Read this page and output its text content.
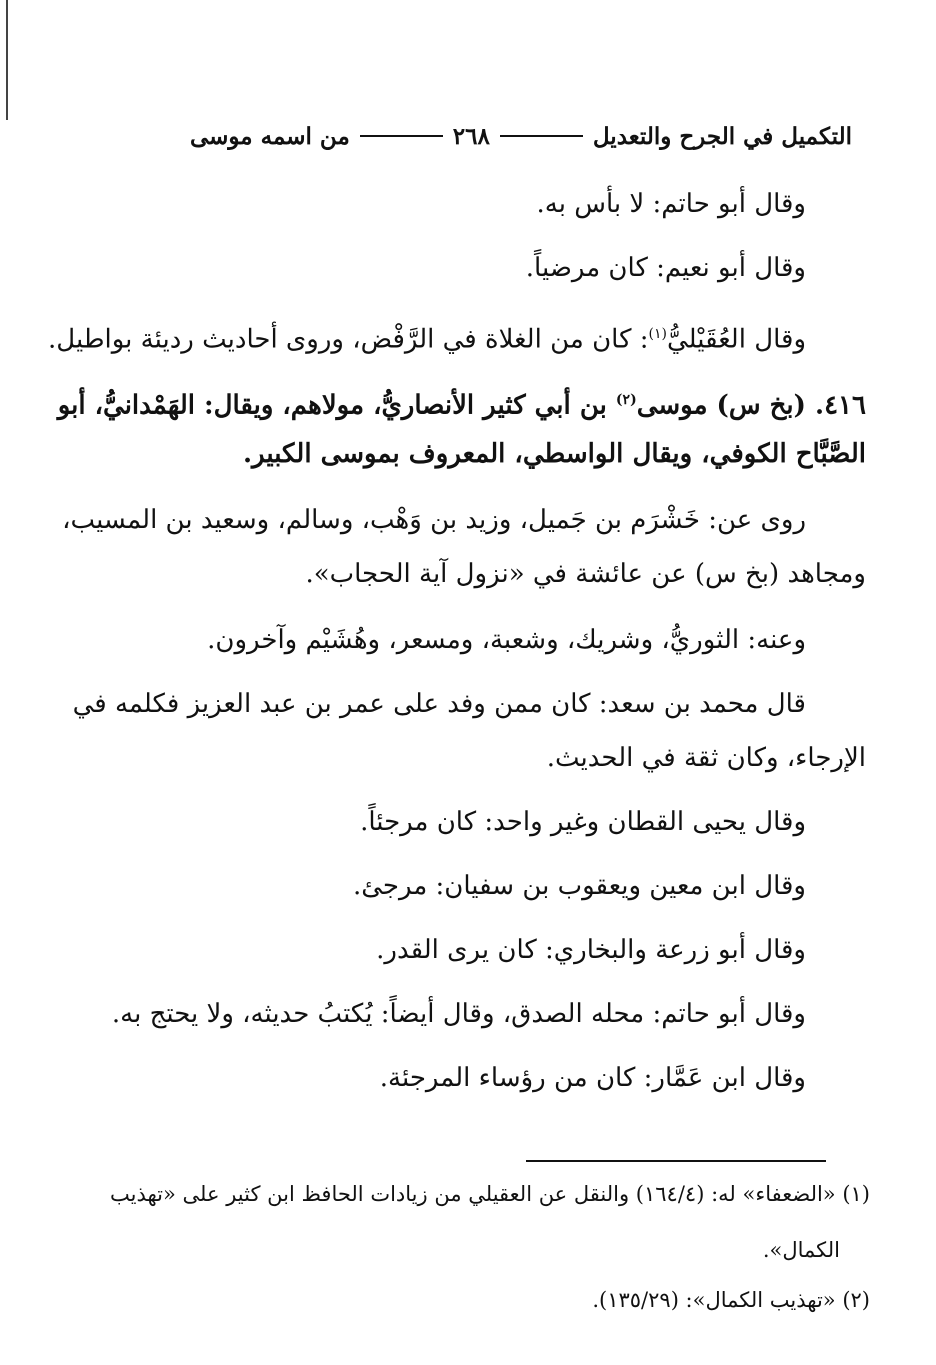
التكميل في الجرح والتعديل
٢٦٨
من اسمه موسى
وقال أبو حاتم: لا بأس به.
وقال أبو نعيم: كان مرضياً.
وقال العُقَيْليُّ$^{(١)}$: كان من الغلاة في الرَّفْض، وروى أحاديث رديئة بواطيل.
٤١٦. (بخ س) موسى$^{(٢)}$ بن أبي كثير الأنصاريُّ، مولاهم، ويقال: الهَمْدانيُّ، أبو
الصَّبَّاح الكوفي، ويقال الواسطي، المعروف بموسى الكبير.
روى عن: خَشْرَم بن جَميل، وزيد بن وَهْب، وسالم، وسعيد بن المسيب،
ومجاهد (بخ س) عن عائشة في «نزول آية الحجاب».
وعنه: الثوريُّ، وشريك، وشعبة، ومسعر، وهُشَيْم وآخرون.
قال محمد بن سعد: كان ممن وفد على عمر بن عبد العزيز فكلمه في
الإرجاء، وكان ثقة في الحديث.
وقال يحيى القطان وغير واحد: كان مرجئاً.
وقال ابن معين ويعقوب بن سفيان: مرجئ.
وقال أبو زرعة والبخاري: كان يرى القدر.
وقال أبو حاتم: محله الصدق، وقال أيضاً: يُكتبُ حديثه، ولا يحتج به.
وقال ابن عَمَّار: كان من رؤساء المرجئة.
(١) «الضعفاء» له: (١٦٤/٤) والنقل عن العقيلي من زيادات الحافظ ابن كثير على «تهذيب
الكمال».
(٢) «تهذيب الكمال»: (١٣٥/٢٩).
